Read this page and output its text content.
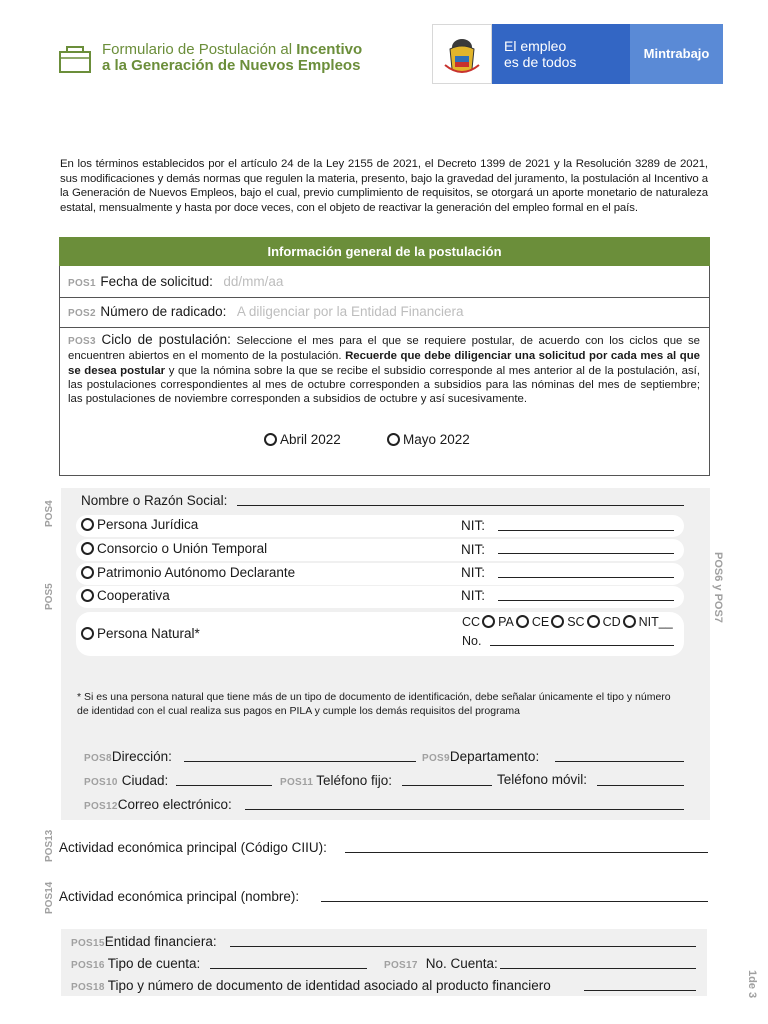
Formulario de Postulación al Incentivo
a la Generación de Nuevos Empleos
El empleo
es de todos
Mintrabajo
En los términos establecidos por el artículo 24 de la Ley 2155 de 2021, el Decreto 1399 de 2021 y la Resolución 3289 de 2021, sus modificaciones y demás normas que regulen la materia, presento, bajo la gravedad del juramento, la postulación al Incentivo a la Generación de Nuevos Empleos, bajo el cual, previo cumplimiento de requisitos, se otorgará un aporte monetario de naturaleza estatal, mensualmente y hasta por doce veces, con el objeto de reactivar la generación del empleo formal en el país.
Información general de la postulación
POS1 Fecha de solicitud: dd/mm/aa
POS2 Número de radicado: A diligenciar por la Entidad Financiera
POS3 Ciclo de postulación: Seleccione el mes para el que se requiere postular, de acuerdo con los ciclos que se encuentren abiertos en el momento de la postulación. Recuerde que debe diligenciar una solicitud por cada mes al que se desea postular y que la nómina sobre la que se recibe el subsidio corresponde al mes anterior al de la postulación, así, las postulaciones correspondientes al mes de octubre corresponden a subsidios para las nóminas del mes de septiembre; las postulaciones de noviembre corresponden a subsidios de octubre y así sucesivamente.
Abril 2022	Mayo 2022
POS4
POS5	POS6 y POS7
Nombre o Razón Social:
Persona Jurídica	NIT:
Consorcio o Unión Temporal	NIT:
Patrimonio Autónomo Declarante	NIT:
Cooperativa	NIT:
Persona Natural*
CC PA CE SC CD NIT__
No.
* Si es una persona natural que tiene más de un tipo de documento de identificación, debe señalar únicamente el tipo y número de identidad con el cual realiza sus pagos en PILA y cumple los demás requisitos del programa
POS8Dirección:	POS9Departamento:
POS10 Ciudad:	POS11 Teléfono fijo:	Teléfono móvil:
POS12Correo electrónico:
POS13 Actividad económica principal (Código CIIU):
POS14 Actividad económica principal (nombre):
POS15Entidad financiera:
POS16 Tipo de cuenta:	POS17 No. Cuenta:
POS18 Tipo y número de documento de identidad asociado al producto financiero	1de 3
